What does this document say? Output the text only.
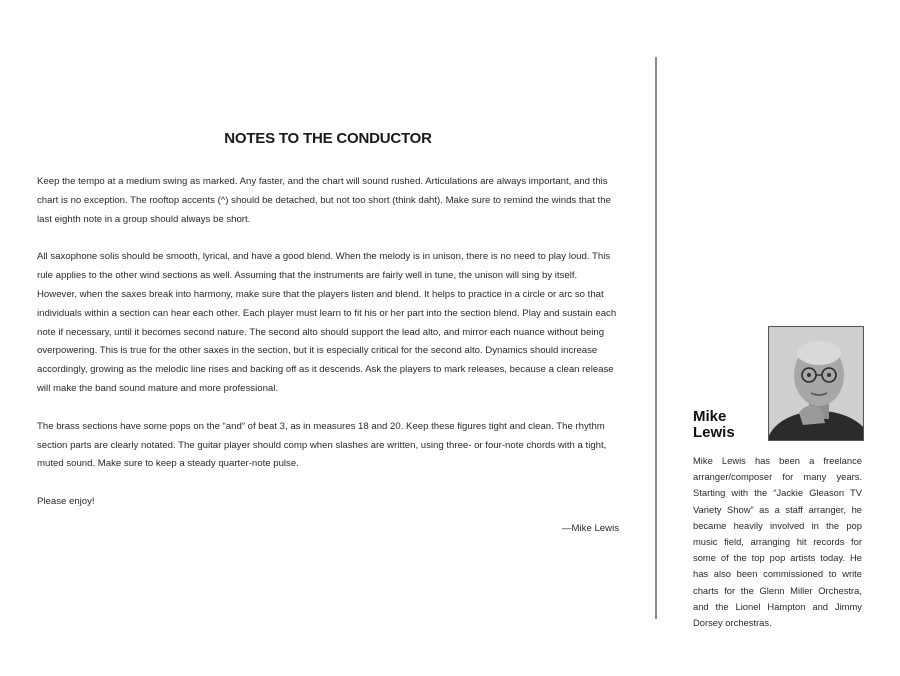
NOTES TO THE CONDUCTOR

Keep the tempo at a medium swing as marked. Any faster, and the chart will sound rushed. Articulations are always important, and this chart is no exception. The rooftop accents (^) should be detached, but not too short (think daht). Make sure to remind the winds that the last eighth note in a group should always be short.

All saxophone solis should be smooth, lyrical, and have a good blend. When the melody is in unison, there is no need to play loud. This rule applies to the other wind sections as well. Assuming that the instruments are fairly well in tune, the unison will sing by itself. However, when the saxes break into harmony, make sure that the players listen and blend. It helps to practice in a circle or arc so that individuals within a section can hear each other. Each player must learn to fit his or her part into the section blend. Play and sustain each note if necessary, until it becomes second nature. The second alto should support the lead alto, and mirror each nuance without being overpowering. This is true for the other saxes in the section, but it is especially critical for the second alto. Dynamics should increase accordingly, growing as the melodic line rises and backing off as it descends. Ask the players to mark releases, because a clean release will make the band sound mature and more professional.

The brass sections have some pops on the “and” of beat 3, as in measures 18 and 20. Keep these figures tight and clean. The rhythm section parts are clearly notated. The guitar player should comp when slashes are written, using three- or four-note chords with a tight, muted sound. Make sure to keep a steady quarter-note pulse.

Please enjoy!

—Mike Lewis
Mike
Lewis
Mike Lewis has been a freelance arranger/composer for many years. Starting with the “Jackie Gleason TV Variety Show” as a staff arranger, he became heavily involved in the pop music field, arranging hit records for some of the top pop artists today. He has also been commissioned to write charts for the Glenn Miller Orchestra, and the Lionel Hampton and Jimmy Dorsey orchestras.
